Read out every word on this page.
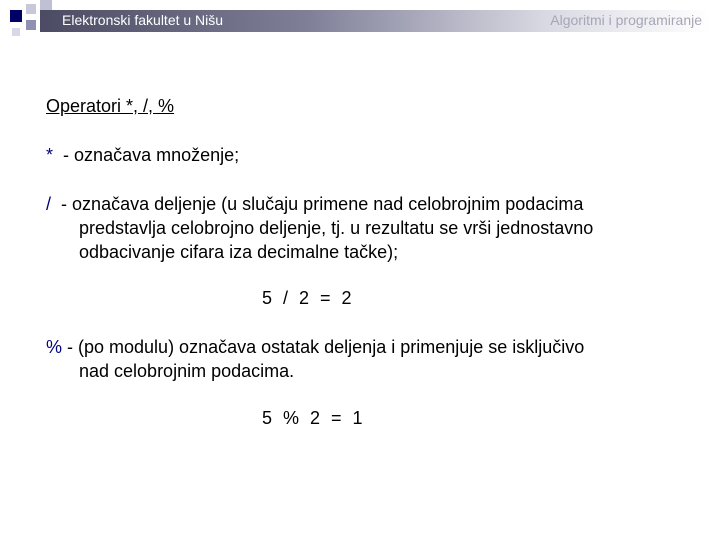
Elektronski fakultet u Nišu	Algoritmi i programiranje
Operatori *, /, %
* - označava množenje;
/ - označava deljenje (u slučaju primene nad celobrojnim podacima
predstavlja celobrojno deljenje, tj. u rezultatu se vrši jednostavno
odbacivanje cifara iza decimalne tačke);
5 / 2 = 2
% - (po modulu) označava ostatak deljenja i primenjuje se isključivo
nad celobrojnim podacima.
5 % 2 = 1
